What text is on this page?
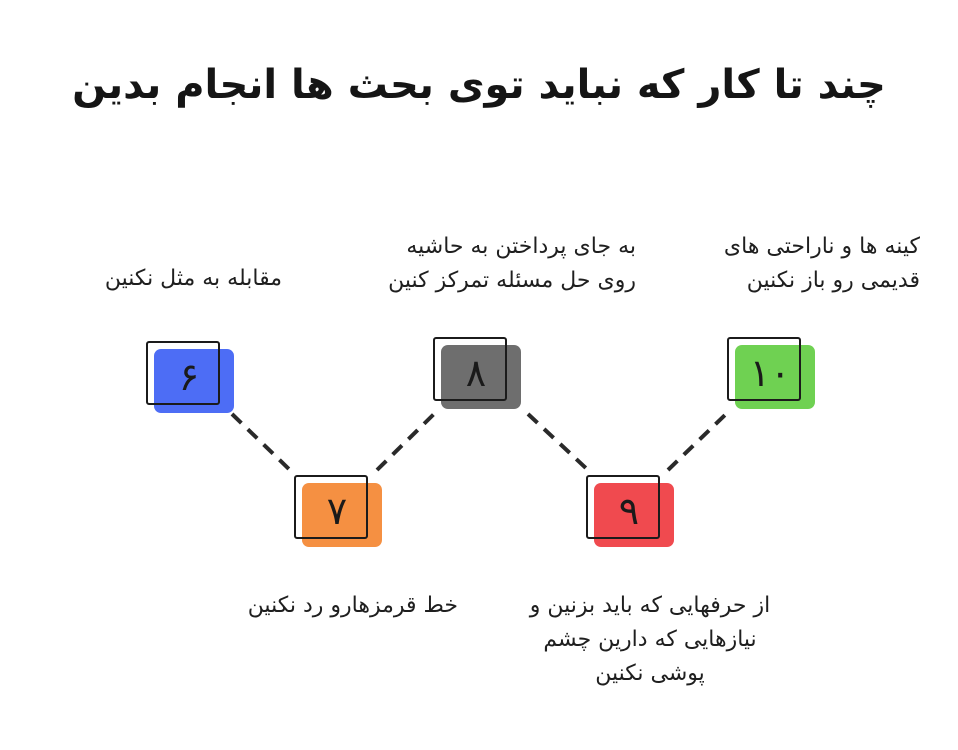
چند تا کار که نباید توی بحث ها انجام بدین
۶
مقابله به مثل نکنین
۷
خط قرمزهارو رد نکنین
۸
به جای پرداختن به حاشیه
روی حل مسئله تمرکز کنین
۹
از حرفهایی که باید بزنین و
نیازهایی که دارین چشم
پوشی نکنین
۱۰
کینه ها و ناراحتی های
قدیمی رو باز نکنین
